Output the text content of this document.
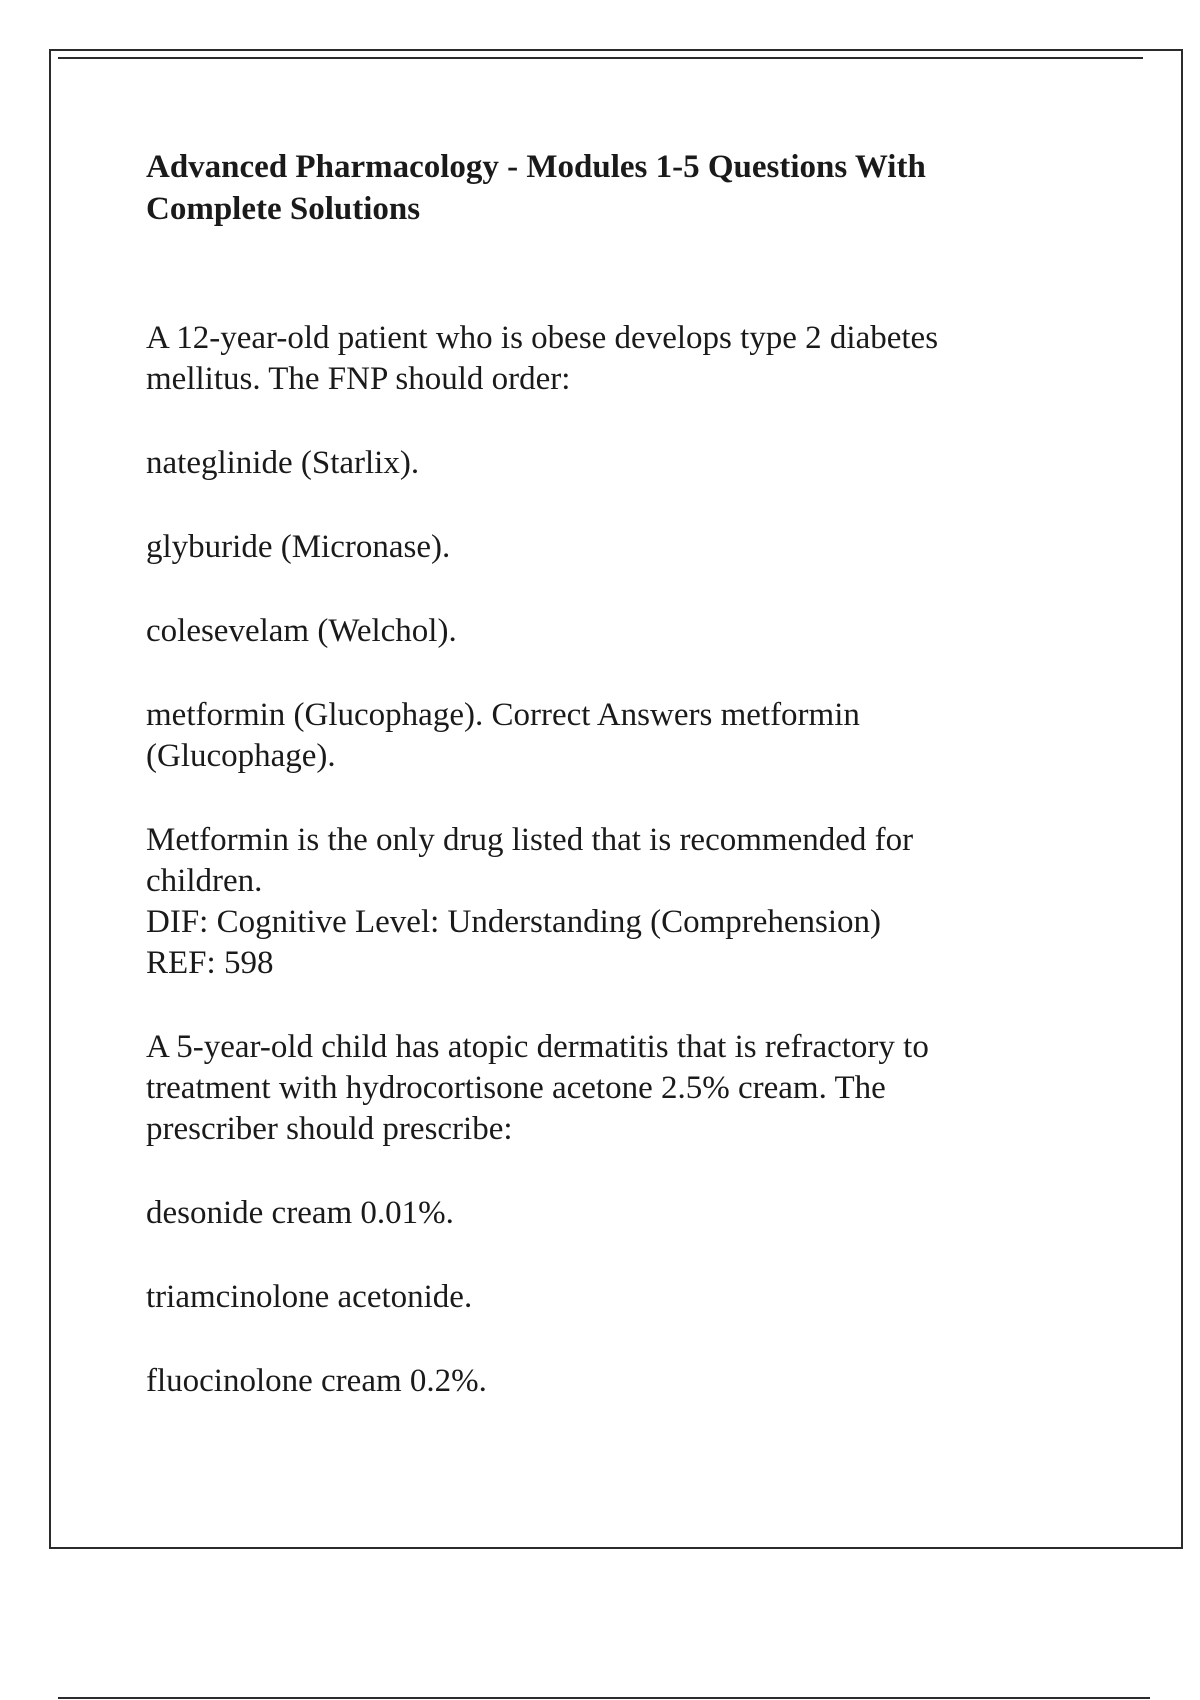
Advanced Pharmacology - Modules 1-5 Questions With Complete Solutions

A 12-year-old patient who is obese develops type 2 diabetes
mellitus. The FNP should order:

nateglinide (Starlix).

glyburide (Micronase).

colesevelam (Welchol).

metformin (Glucophage). Correct Answers metformin
(Glucophage).

Metformin is the only drug listed that is recommended for
children.
DIF: Cognitive Level: Understanding (Comprehension)
REF: 598

A 5-year-old child has atopic dermatitis that is refractory to
treatment with hydrocortisone acetone 2.5% cream. The
prescriber should prescribe:

desonide cream 0.01%.

triamcinolone acetonide.

fluocinolone cream 0.2%.
